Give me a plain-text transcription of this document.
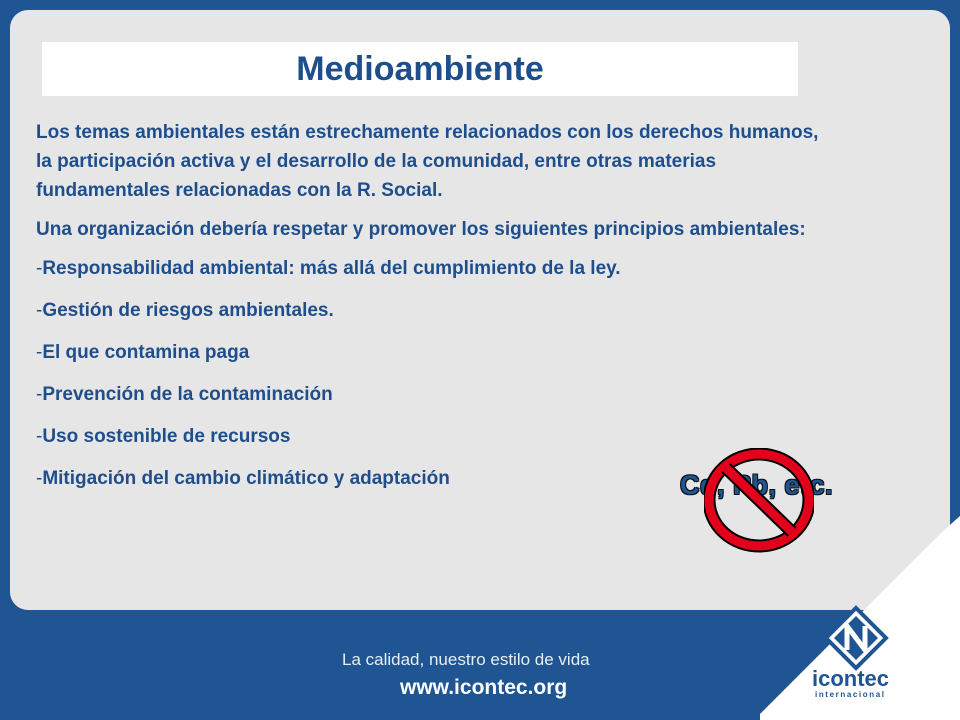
Medioambiente

Los temas ambientales están estrechamente relacionados con los derechos humanos, la participación activa y el desarrollo de la comunidad, entre otras materias fundamentales relacionadas con la R. Social.

Una organización debería respetar y promover los siguientes principios ambientales:

-Responsabilidad ambiental: más allá del cumplimiento de la ley.
-Gestión de riesgos ambientales.
-El que contamina paga
-Prevención de la contaminación
-Uso sostenible de recursos
-Mitigación del cambio climático y adaptación	Cd, Pb, etc.
La calidad, nuestro estilo de vida
www.icontec.org	icontec
internacional
